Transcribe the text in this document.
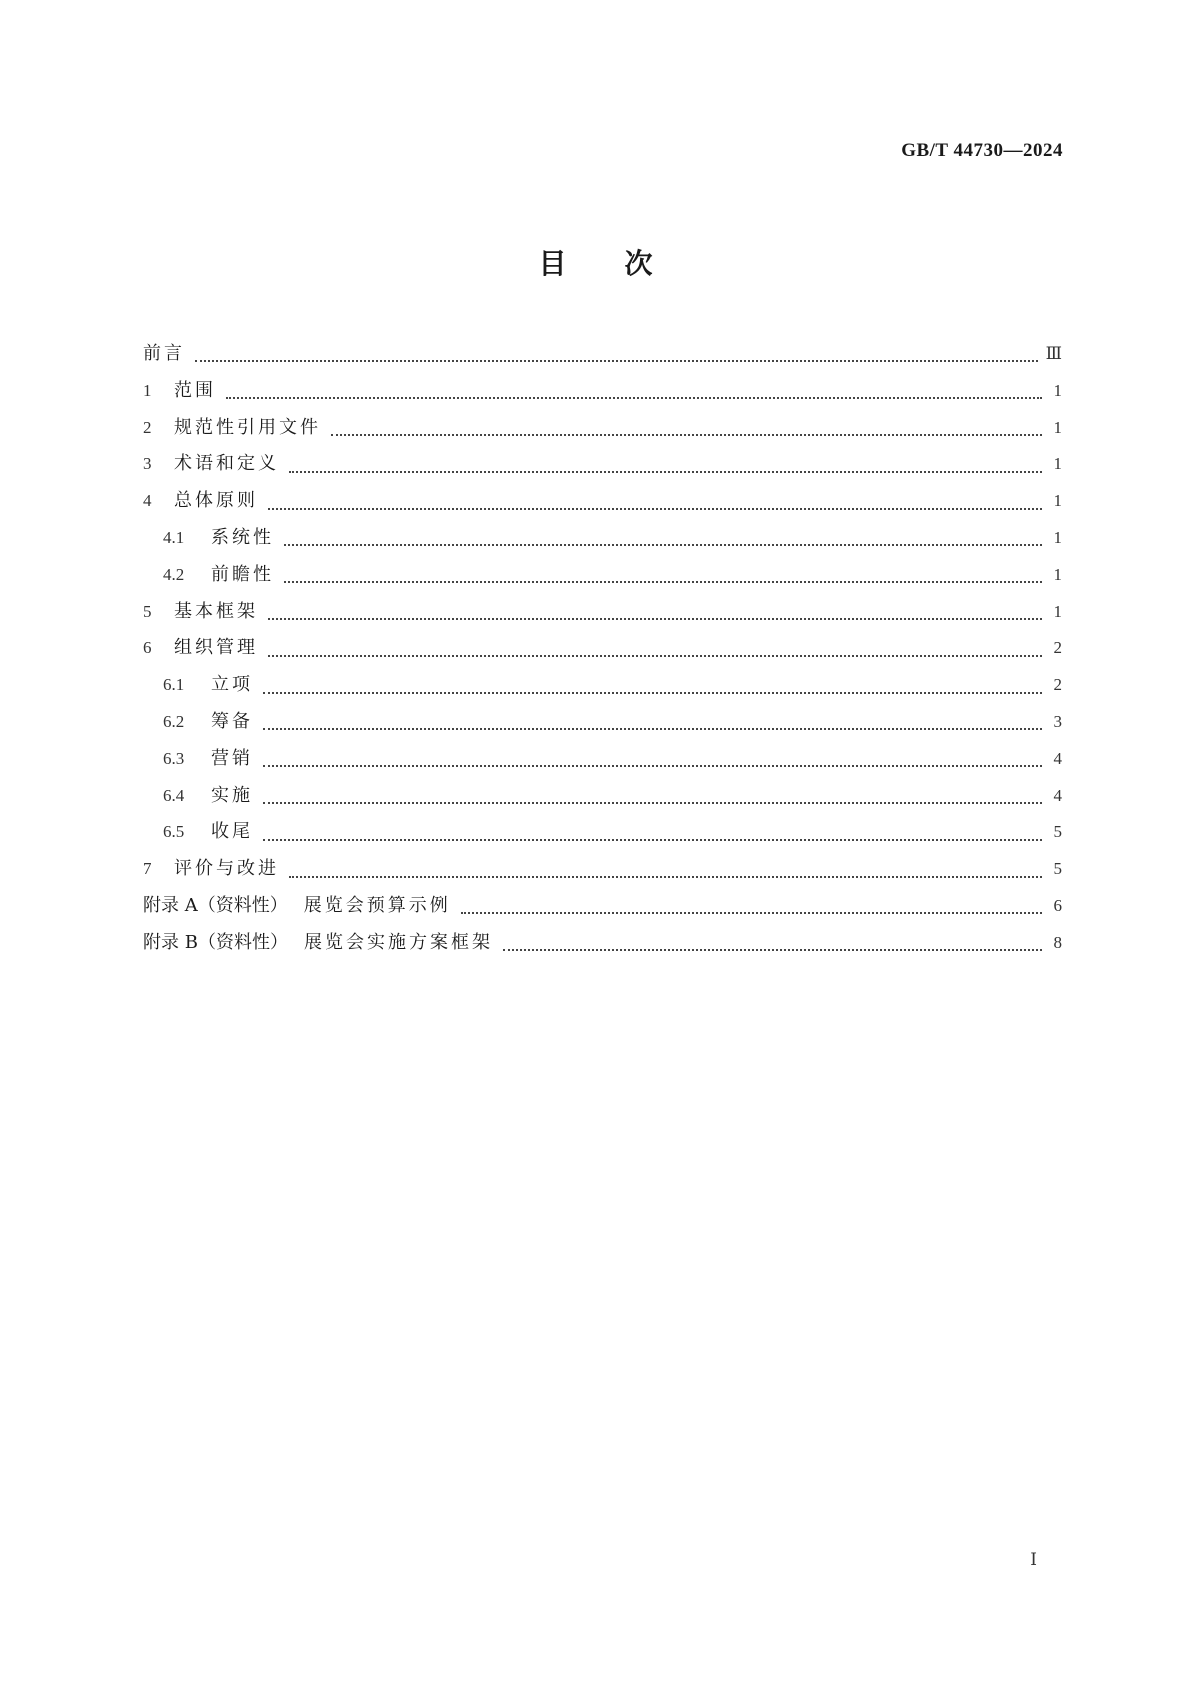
GB/T 44730—2024
目 次
前言	Ⅲ
1	范围	1
2	规范性引用文件	1
3	术语和定义	1
4	总体原则	1
4.1	系统性	1
4.2	前瞻性	1
5	基本框架	1
6	组织管理	2
6.1	立项	2
6.2	筹备	3
6.3	营销	4
6.4	实施	4
6.5	收尾	5
7	评价与改进	5
附录 A（资料性） 展览会预算示例	6
附录 B（资料性） 展览会实施方案框架	8
Ⅰ
